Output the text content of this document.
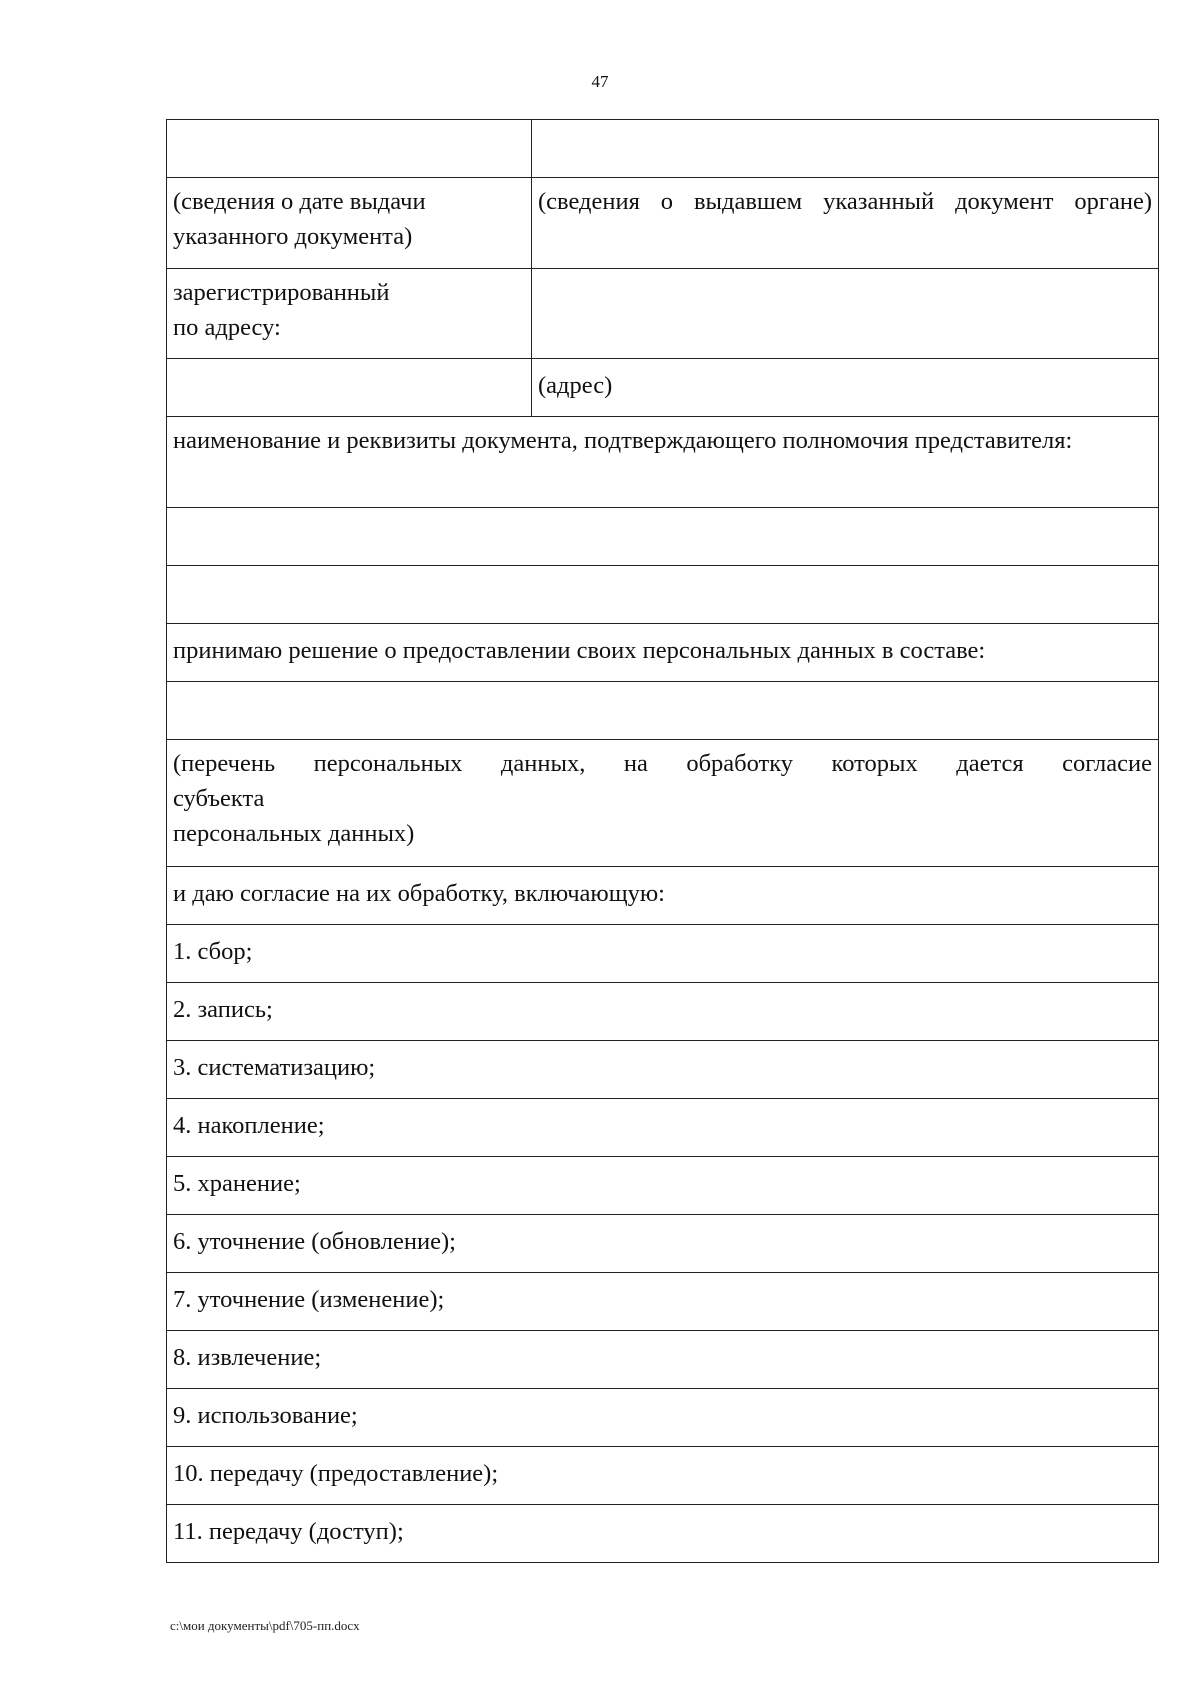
47

(сведения о дате выдачи указанного документа)	(сведения о выдавшем указанный документ органе)

зарегистрированный
по адресу:	
	(адрес)
наименование и реквизиты документа, подтверждающего полномочия представителя:	

принимаю решение о предоставлении своих персональных данных в составе:	

(перечень персональных данных, на обработку которых дается согласие
субъекта
персональных данных)	

и даю согласие на их обработку, включающую:	
1. сбор;	
2. запись;	
3. систематизацию;	
4. накопление;	
5. хранение;	
6. уточнение (обновление);	
7. уточнение (изменение);	
8. извлечение;	
9. использование;	
10. передачу (предоставление);	
11. передачу (доступ);	
c:\мои документы\pdf\705-пп.docx
